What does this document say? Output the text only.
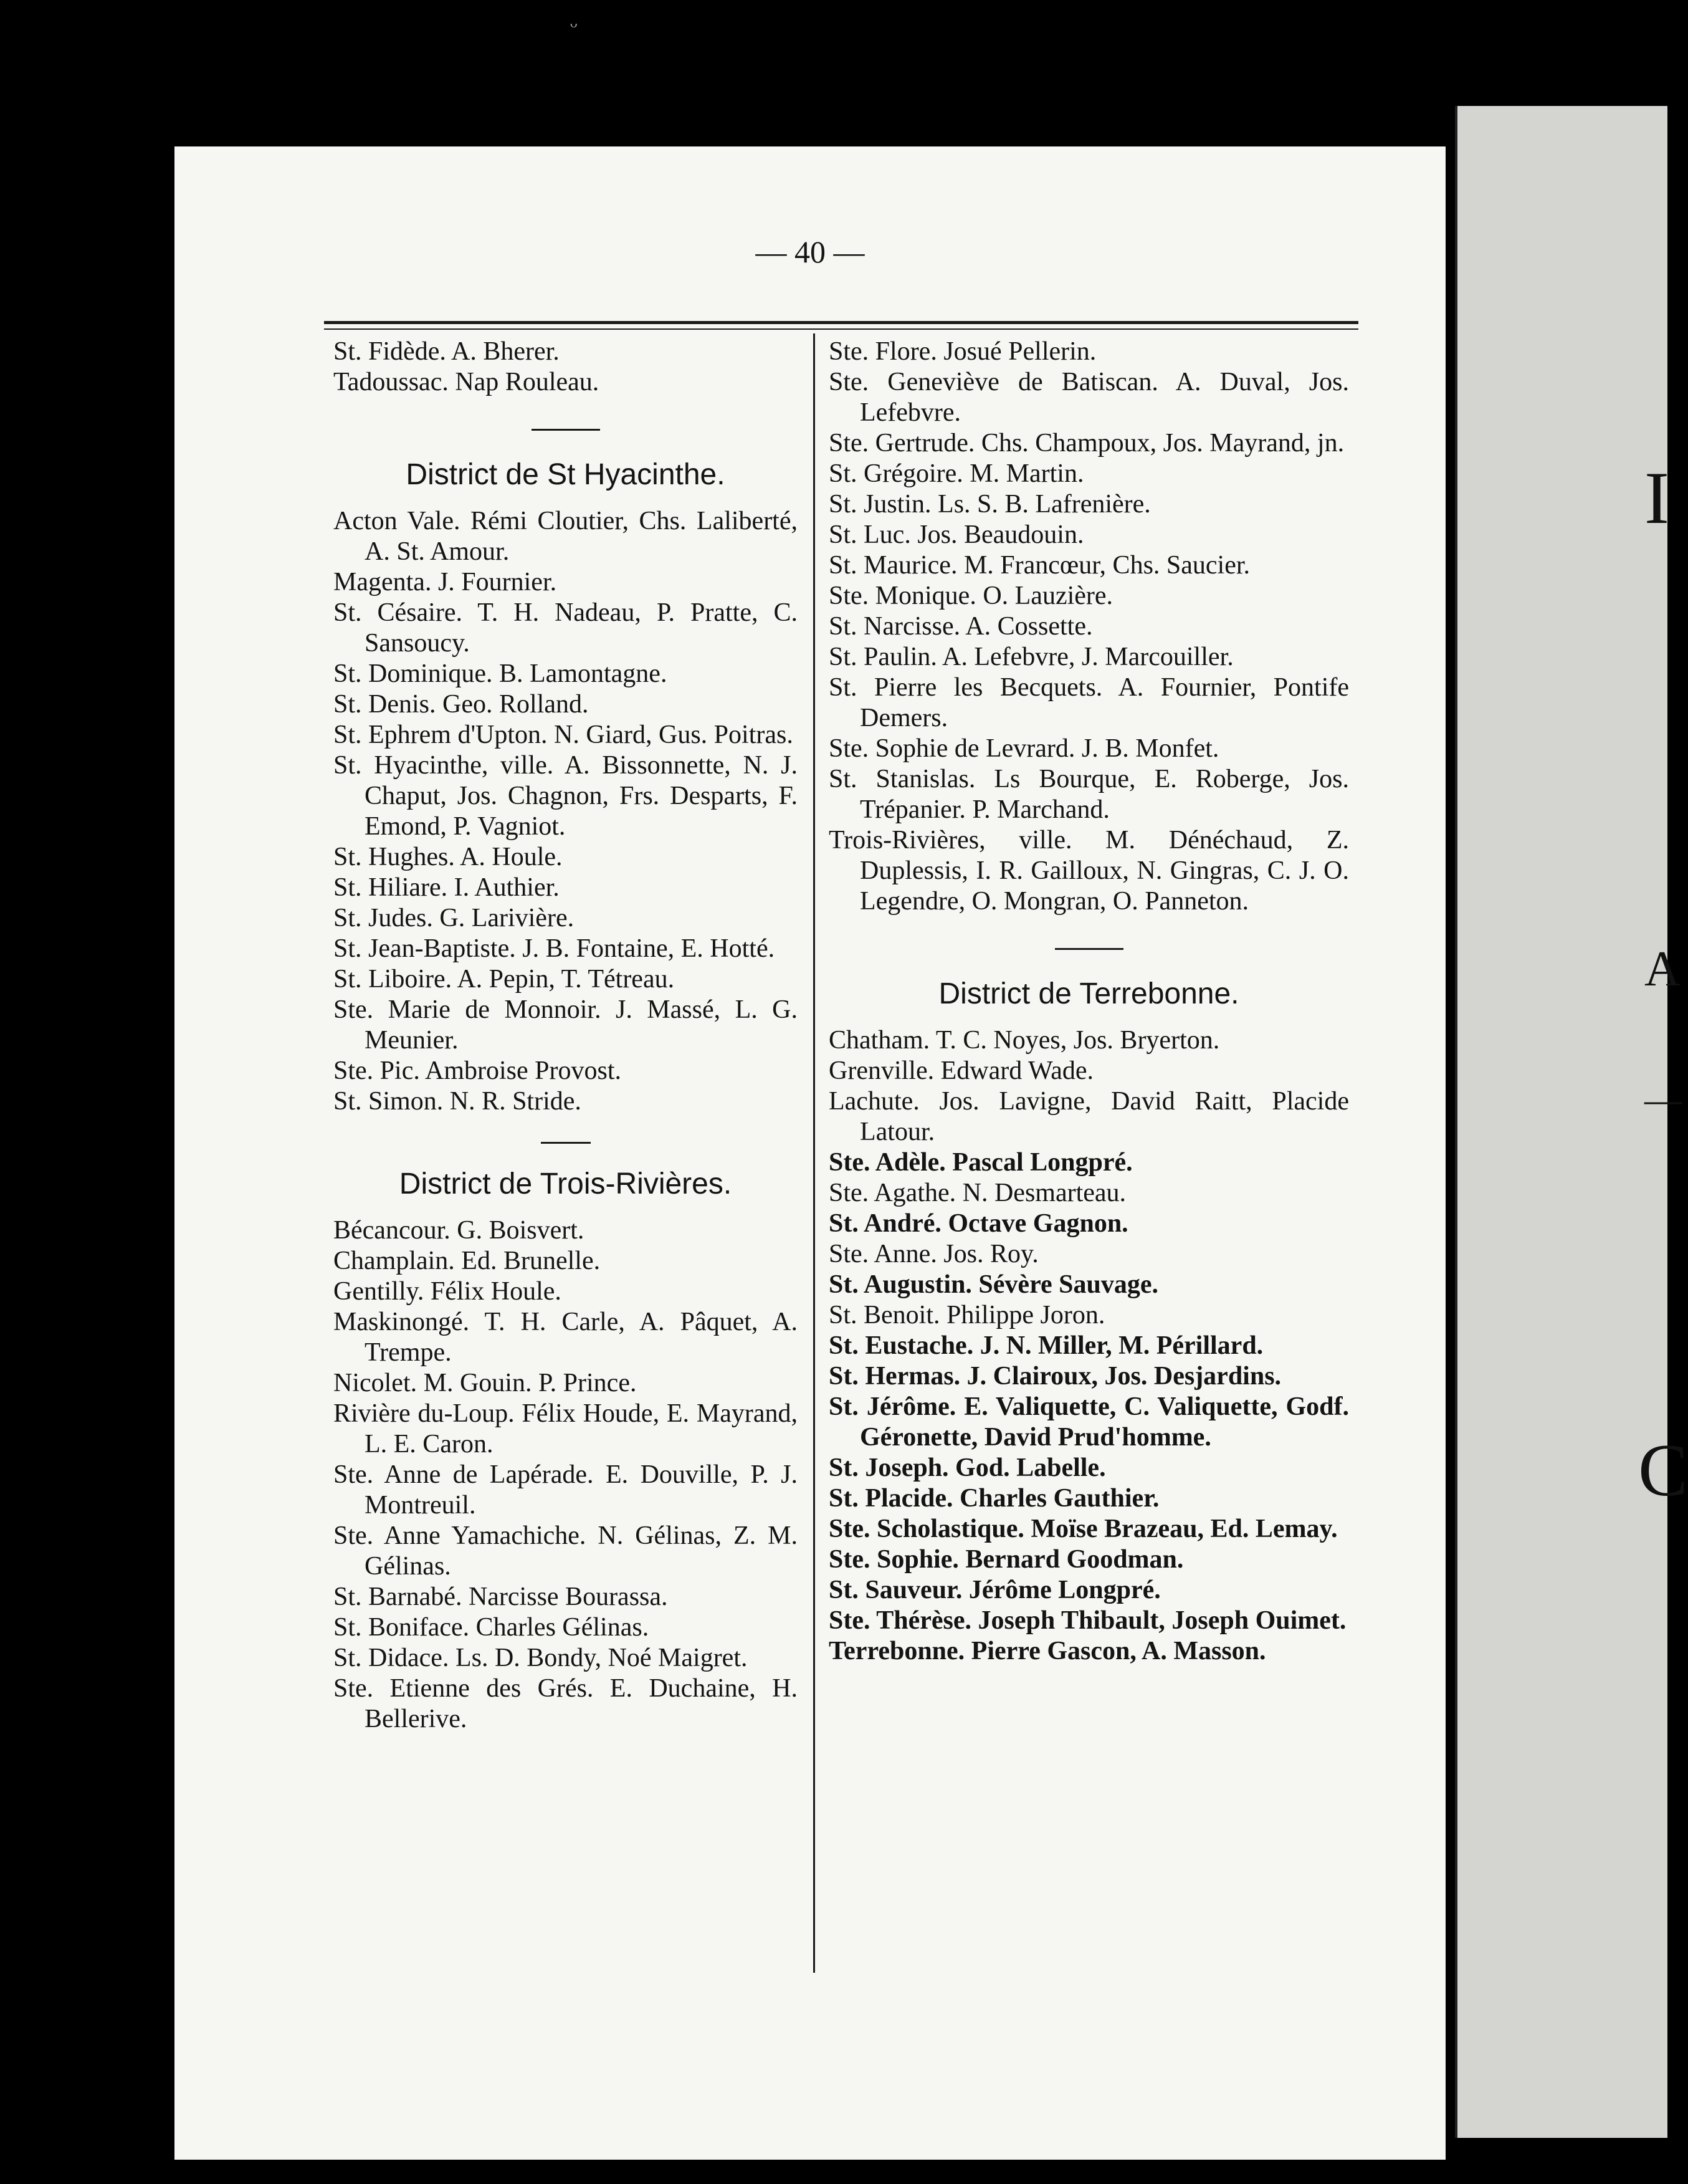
ᵕ
— 40 —

St. Fidède. A. Bherer.

Tadoussac. Nap Rouleau.

District de St Hyacinthe.

Acton Vale. Rémi Cloutier, Chs. Laliberté, A. St. Amour.

Magenta. J. Fournier.

St. Césaire. T. H. Nadeau, P. Pratte, C. Sansoucy.

St. Dominique. B. Lamontagne.

St. Denis. Geo. Rolland.

St. Ephrem d'Upton. N. Giard, Gus. Poitras.

St. Hyacinthe, ville. A. Bissonnette, N. J. Chaput, Jos. Chagnon, Frs. Desparts, F. Emond, P. Vagniot.

St. Hughes. A. Houle.

St. Hiliare. I. Authier.

St. Judes. G. Larivière.

St. Jean-Baptiste. J. B. Fontaine, E. Hotté.

St. Liboire. A. Pepin, T. Tétreau.

Ste. Marie de Monnoir. J. Massé, L. G. Meunier.

Ste. Pic. Ambroise Provost.

St. Simon. N. R. Stride.

District de Trois-Rivières.

Bécancour. G. Boisvert.

Champlain. Ed. Brunelle.

Gentilly. Félix Houle.

Maskinongé. T. H. Carle, A. Pâquet, A. Trempe.

Nicolet. M. Gouin. P. Prince.

Rivière du-Loup. Félix Houde, E. Mayrand, L. E. Caron.

Ste. Anne de Lapérade. E. Douville, P. J. Montreuil.

Ste. Anne Yamachiche. N. Gélinas, Z. M. Gélinas.

St. Barnabé. Narcisse Bourassa.

St. Boniface. Charles Gélinas.

St. Didace. Ls. D. Bondy, Noé Maigret.

Ste. Etienne des Grés. E. Duchaine, H. Bellerive.

Ste. Flore. Josué Pellerin.

Ste. Geneviève de Batiscan. A. Duval, Jos. Lefebvre.

Ste. Gertrude. Chs. Champoux, Jos. Mayrand, jn.

St. Grégoire. M. Martin.

St. Justin. Ls. S. B. Lafrenière.

St. Luc. Jos. Beaudouin.

St. Maurice. M. Francœur, Chs. Saucier.

Ste. Monique. O. Lauzière.

St. Narcisse. A. Cossette.

St. Paulin. A. Lefebvre, J. Marcouiller.

St. Pierre les Becquets. A. Fournier, Pontife Demers.

Ste. Sophie de Levrard. J. B. Monfet.

St. Stanislas. Ls Bourque, E. Roberge, Jos. Trépanier. P. Marchand.

Trois-Rivières, ville. M. Dénéchaud, Z. Duplessis, I. R. Gailloux, N. Gingras, C. J. O. Legendre, O. Mongran, O. Panneton.

District de Terrebonne.

Chatham. T. C. Noyes, Jos. Bryerton.

Grenville. Edward Wade.

Lachute. Jos. Lavigne, David Raitt, Placide Latour.

Ste. Adèle. Pascal Longpré.

Ste. Agathe. N. Desmarteau.

St. André. Octave Gagnon.

Ste. Anne. Jos. Roy.

St. Augustin. Sévère Sauvage.

St. Benoit. Philippe Joron.

St. Eustache. J. N. Miller, M. Périllard.

St. Hermas. J. Clairoux, Jos. Desjardins.

St. Jérôme. E. Valiquette, C. Valiquette, Godf. Géronette, David Prud'homme.

St. Joseph. God. Labelle.

St. Placide. Charles Gauthier.

Ste. Scholastique. Moïse Brazeau, Ed. Lemay.

Ste. Sophie. Bernard Goodman.

St. Sauveur. Jérôme Longpré.

Ste. Thérèse. Joseph Thibault, Joseph Ouimet.

Terrebonne. Pierre Gascon, A. Masson.

I
A
—
C
